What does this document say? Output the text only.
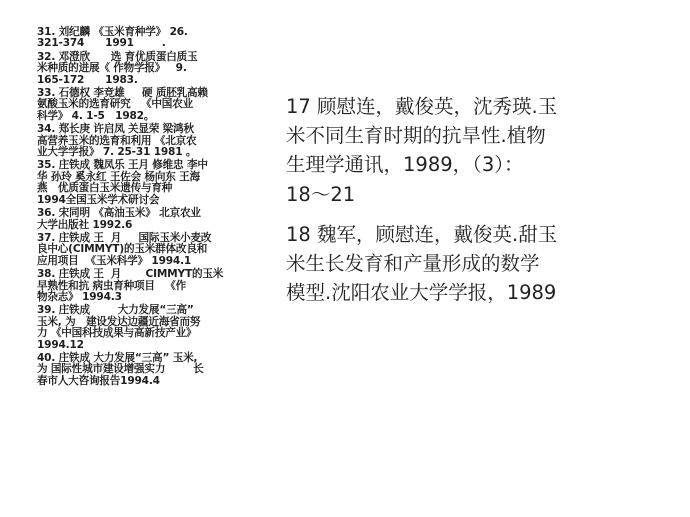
31. 刘纪麟 《玉米育种学》 26.
321-374      1991        .
32. 邓澄欣      选 育优质蛋白质玉
米种质的进展《 作物学报》   9.
165-172      1983.
33. 石德权 李竞雄     硬 质胚乳高赖
氨酸玉米的选育研究   《中国农业
科学》 4. 1-5   1982。
34. 郑长庚 许启凤 关显荣 梁鸿秋
高营养玉米的选育和利用 《北京农
业大学学报》 7. 25-31 1981 。
35. 庄铁成 魏凤乐 王月 修维忠 李中
华 孙玲 奚永红 王佐会 杨向东 王海
燕   优质蛋白玉米遗传与育种
1994全国玉米学术研讨会
36. 宋同明 《高油玉米》 北京农业
大学出版社 1992.6
37. 庄铁成 王  月     国际玉米小麦改
良中心(CIMMYT)的玉米群体改良和
应用项目  《玉米科学》 1994.1
38. 庄铁成 王  月       CIMMYT的玉米
早熟性和抗 病虫育种项目   《作
物杂志》 1994.3
39. 庄铁成        大力发展“三高”
玉米, 为   建设发达边疆近海省而努
力 《中国科技成果与高新技产业》
1994.12
40. 庄铁成 大力发展“三高” 玉米,
为 国际性城市建设增强实力        长
春市人大咨询报告1994.4
17 顾慰连，戴俊英，沈秀瑛.玉
米不同生育时期的抗旱性.植物
生理学通讯，1989，（3）：
18～21
18 魏军，顾慰连，戴俊英.甜玉
米生长发育和产量形成的数学
模型.沈阳农业大学学报，1989
